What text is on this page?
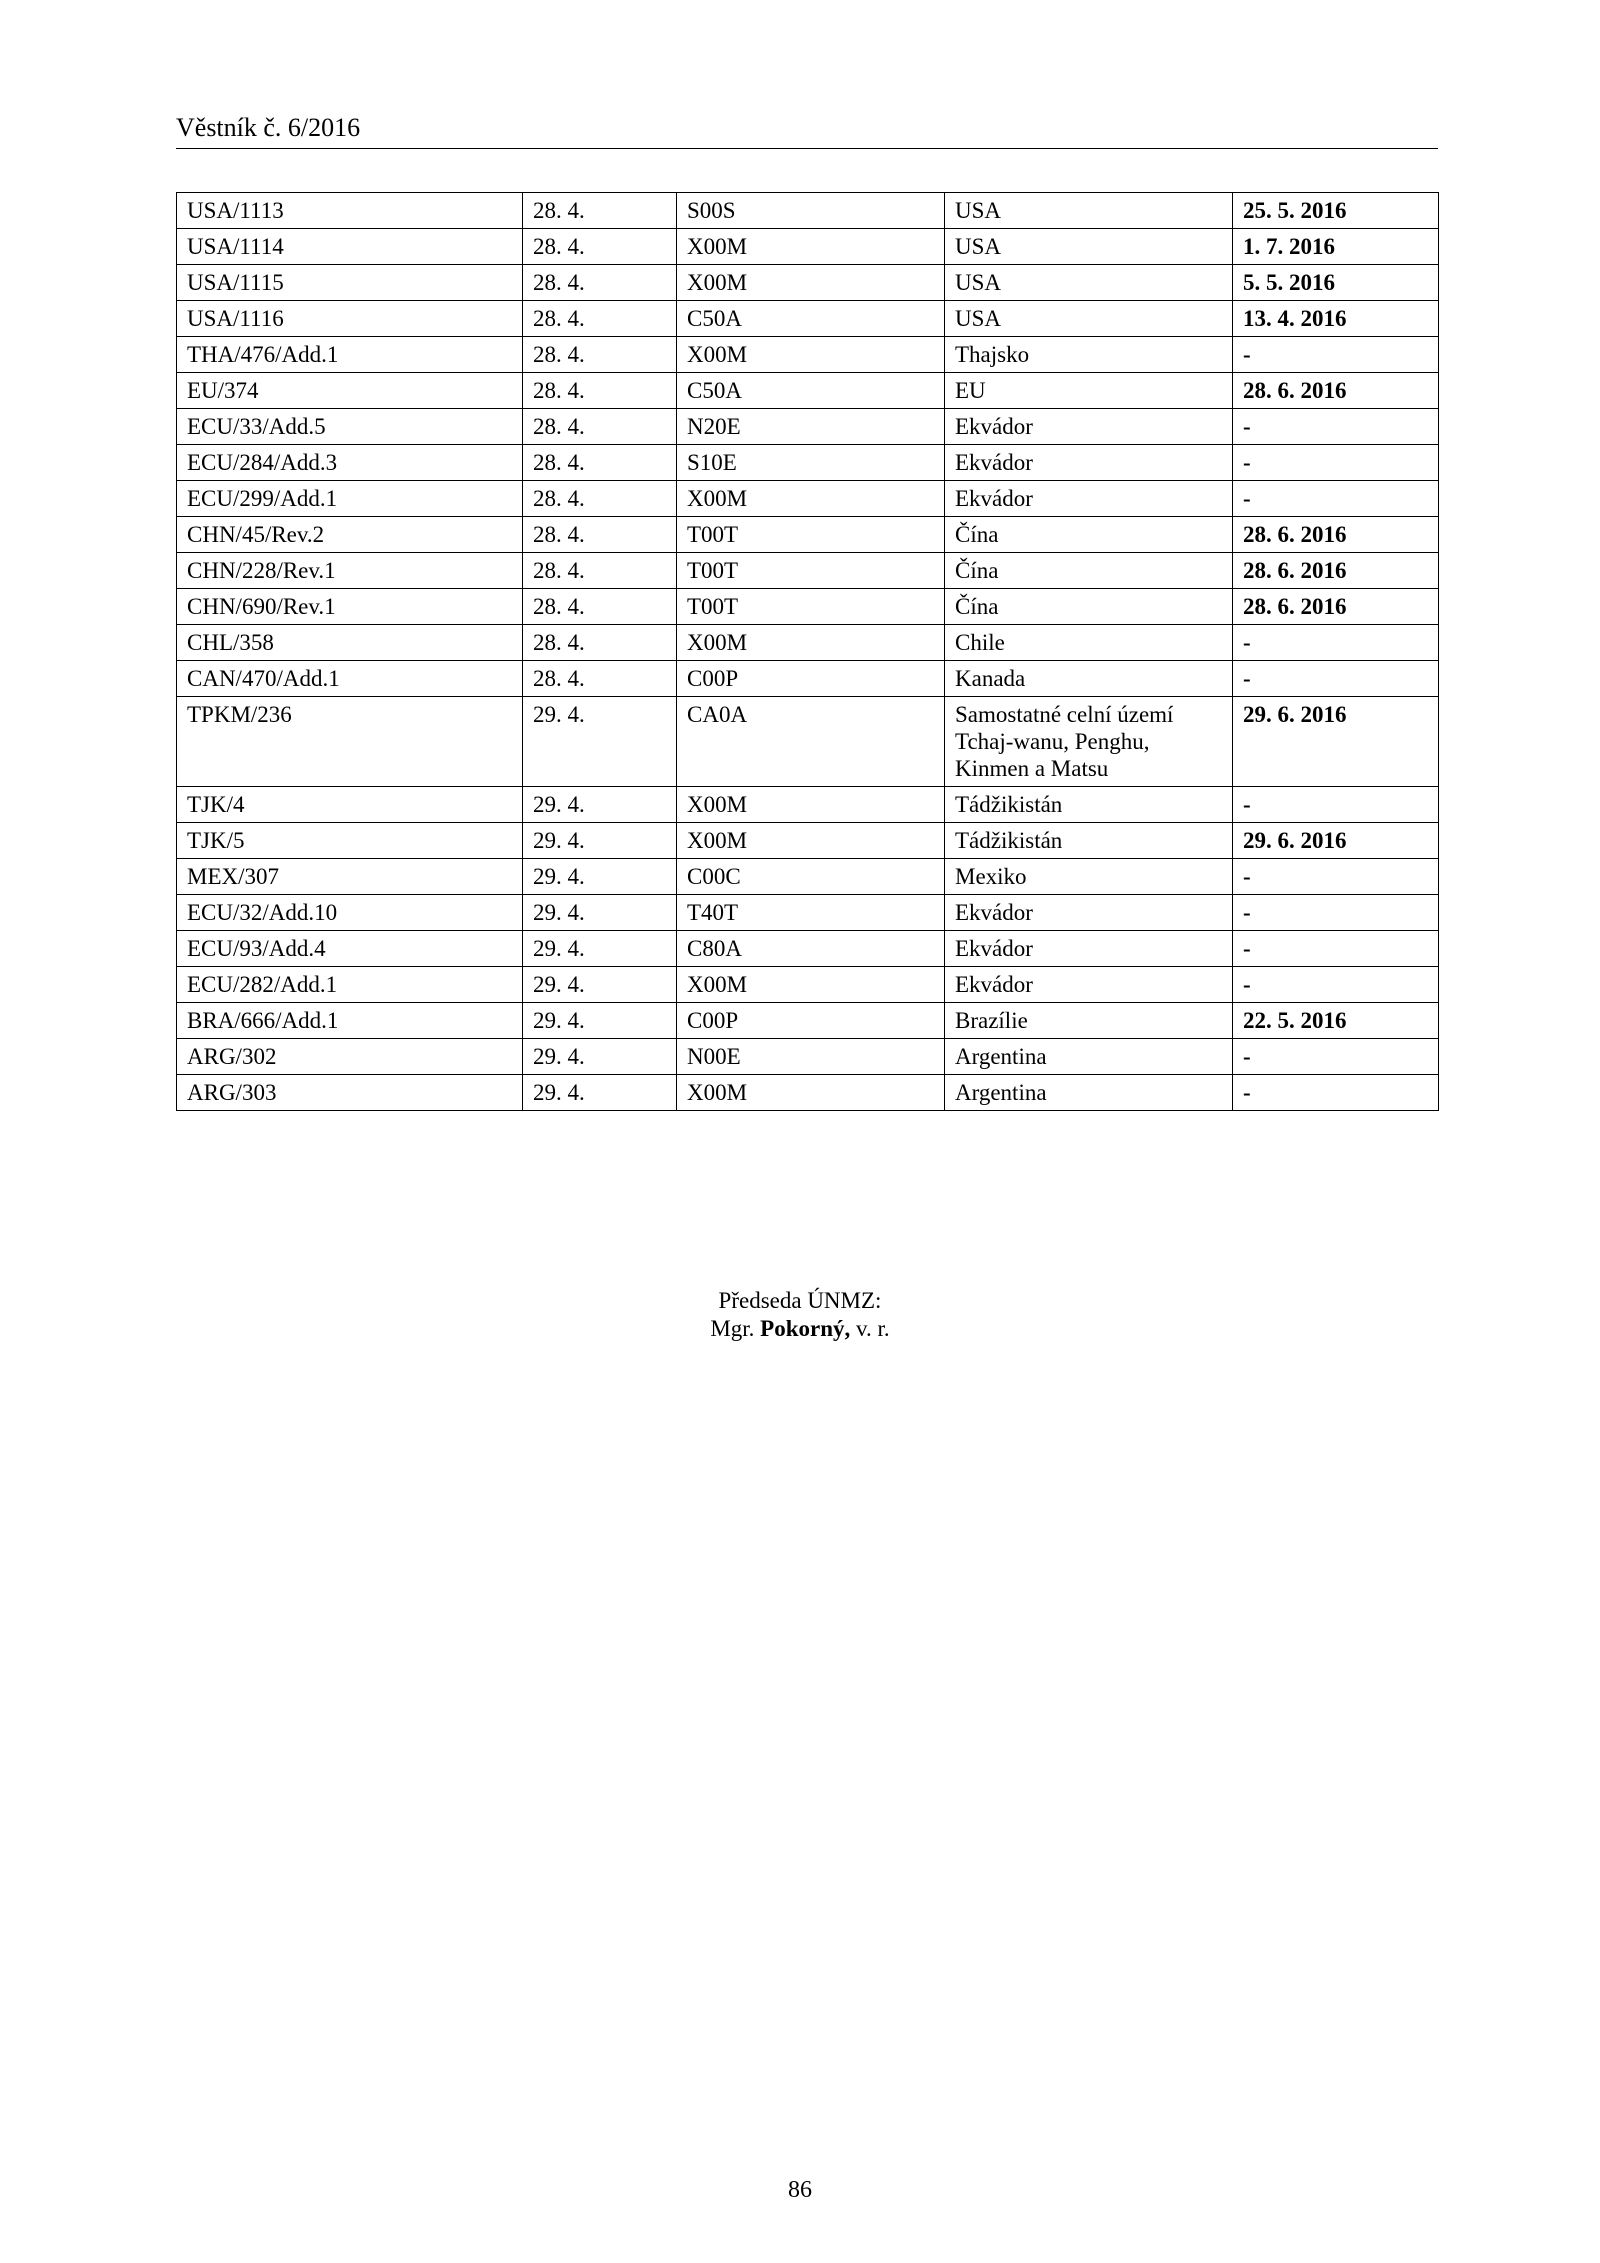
Věstník č. 6/2016
USA/1113	28. 4.	S00S	USA	25. 5. 2016
USA/1114	28. 4.	X00M	USA	1. 7. 2016
USA/1115	28. 4.	X00M	USA	5. 5. 2016
USA/1116	28. 4.	C50A	USA	13. 4. 2016
THA/476/Add.1	28. 4.	X00M	Thajsko	-
EU/374	28. 4.	C50A	EU	28. 6. 2016
ECU/33/Add.5	28. 4.	N20E	Ekvádor	-
ECU/284/Add.3	28. 4.	S10E	Ekvádor	-
ECU/299/Add.1	28. 4.	X00M	Ekvádor	-
CHN/45/Rev.2	28. 4.	T00T	Čína	28. 6. 2016
CHN/228/Rev.1	28. 4.	T00T	Čína	28. 6. 2016
CHN/690/Rev.1	28. 4.	T00T	Čína	28. 6. 2016
CHL/358	28. 4.	X00M	Chile	-
CAN/470/Add.1	28. 4.	C00P	Kanada	-
TPKM/236	29. 4.	CA0A	Samostatné celní území Tchaj-wanu, Penghu, Kinmen a Matsu	29. 6. 2016
TJK/4	29. 4.	X00M	Tádžikistán	-
TJK/5	29. 4.	X00M	Tádžikistán	29. 6. 2016
MEX/307	29. 4.	C00C	Mexiko	-
ECU/32/Add.10	29. 4.	T40T	Ekvádor	-
ECU/93/Add.4	29. 4.	C80A	Ekvádor	-
ECU/282/Add.1	29. 4.	X00M	Ekvádor	-
BRA/666/Add.1	29. 4.	C00P	Brazílie	22. 5. 2016
ARG/302	29. 4.	N00E	Argentina	-
ARG/303	29. 4.	X00M	Argentina	-
Předseda ÚNMZ:
Mgr. Pokorný, v. r.
86
